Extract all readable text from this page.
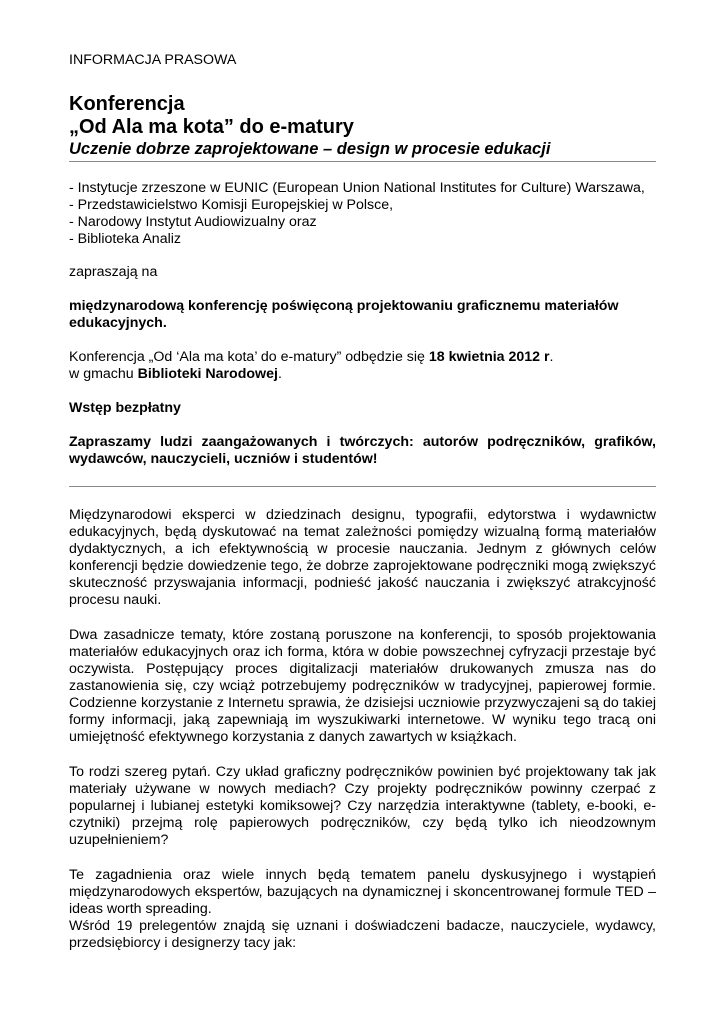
INFORMACJA PRASOWA

Konferencja
„Od Ala ma kota” do e-matury

Uczenie dobrze zaprojektowane – design w procesie edukacji

- Instytucje zrzeszone w EUNIC (European Union National Institutes for Culture) Warszawa,
- Przedstawicielstwo Komisji Europejskiej w Polsce,
- Narodowy Instytut Audiowizualny oraz
- Biblioteka Analiz

zapraszają na

międzynarodową konferencję poświęconą projektowaniu graficznemu materiałów edukacyjnych.

Konferencja „Od ‘Ala ma kota’ do e-matury” odbędzie się 18 kwietnia 2012 r.

w gmachu Biblioteki Narodowej.

Wstęp bezpłatny

Zapraszamy ludzi zaangażowanych i twórczych: autorów podręczników, grafików, wydawców, nauczycieli, uczniów i studentów!

Międzynarodowi eksperci w dziedzinach designu, typografii, edytorstwa i wydawnictw edukacyjnych, będą dyskutować na temat zależności pomiędzy wizualną formą materiałów dydaktycznych, a ich efektywnością w procesie nauczania. Jednym z głównych celów konferencji będzie dowiedzenie tego, że dobrze zaprojektowane podręczniki mogą zwiększyć skuteczność przyswajania informacji, podnieść jakość nauczania i zwiększyć atrakcyjność procesu nauki.

Dwa zasadnicze tematy, które zostaną poruszone na konferencji, to sposób projektowania materiałów edukacyjnych oraz ich forma, która w dobie powszechnej cyfryzacji przestaje być oczywista. Postępujący proces digitalizacji materiałów drukowanych zmusza nas do zastanowienia się, czy wciąż potrzebujemy podręczników w tradycyjnej, papierowej formie. Codzienne korzystanie z Internetu sprawia, że dzisiejsi uczniowie przyzwyczajeni są do takiej formy informacji, jaką zapewniają im wyszukiwarki internetowe. W wyniku tego tracą oni umiejętność efektywnego korzystania z danych zawartych w książkach.

To rodzi szereg pytań. Czy układ graficzny podręczników powinien być projektowany tak jak materiały używane w nowych mediach? Czy projekty podręczników powinny czerpać z popularnej i lubianej estetyki komiksowej? Czy narzędzia interaktywne (tablety, e-booki, e-czytniki) przejmą rolę papierowych podręczników, czy będą tylko ich nieodzownym uzupełnieniem?

Te zagadnienia oraz wiele innych będą tematem panelu dyskusyjnego i wystąpień międzynarodowych ekspertów, bazujących na dynamicznej i skoncentrowanej formule TED – ideas worth spreading.

Wśród 19 prelegentów znajdą się uznani i doświadczeni badacze, nauczyciele, wydawcy, przedsiębiorcy i designerzy tacy jak:
